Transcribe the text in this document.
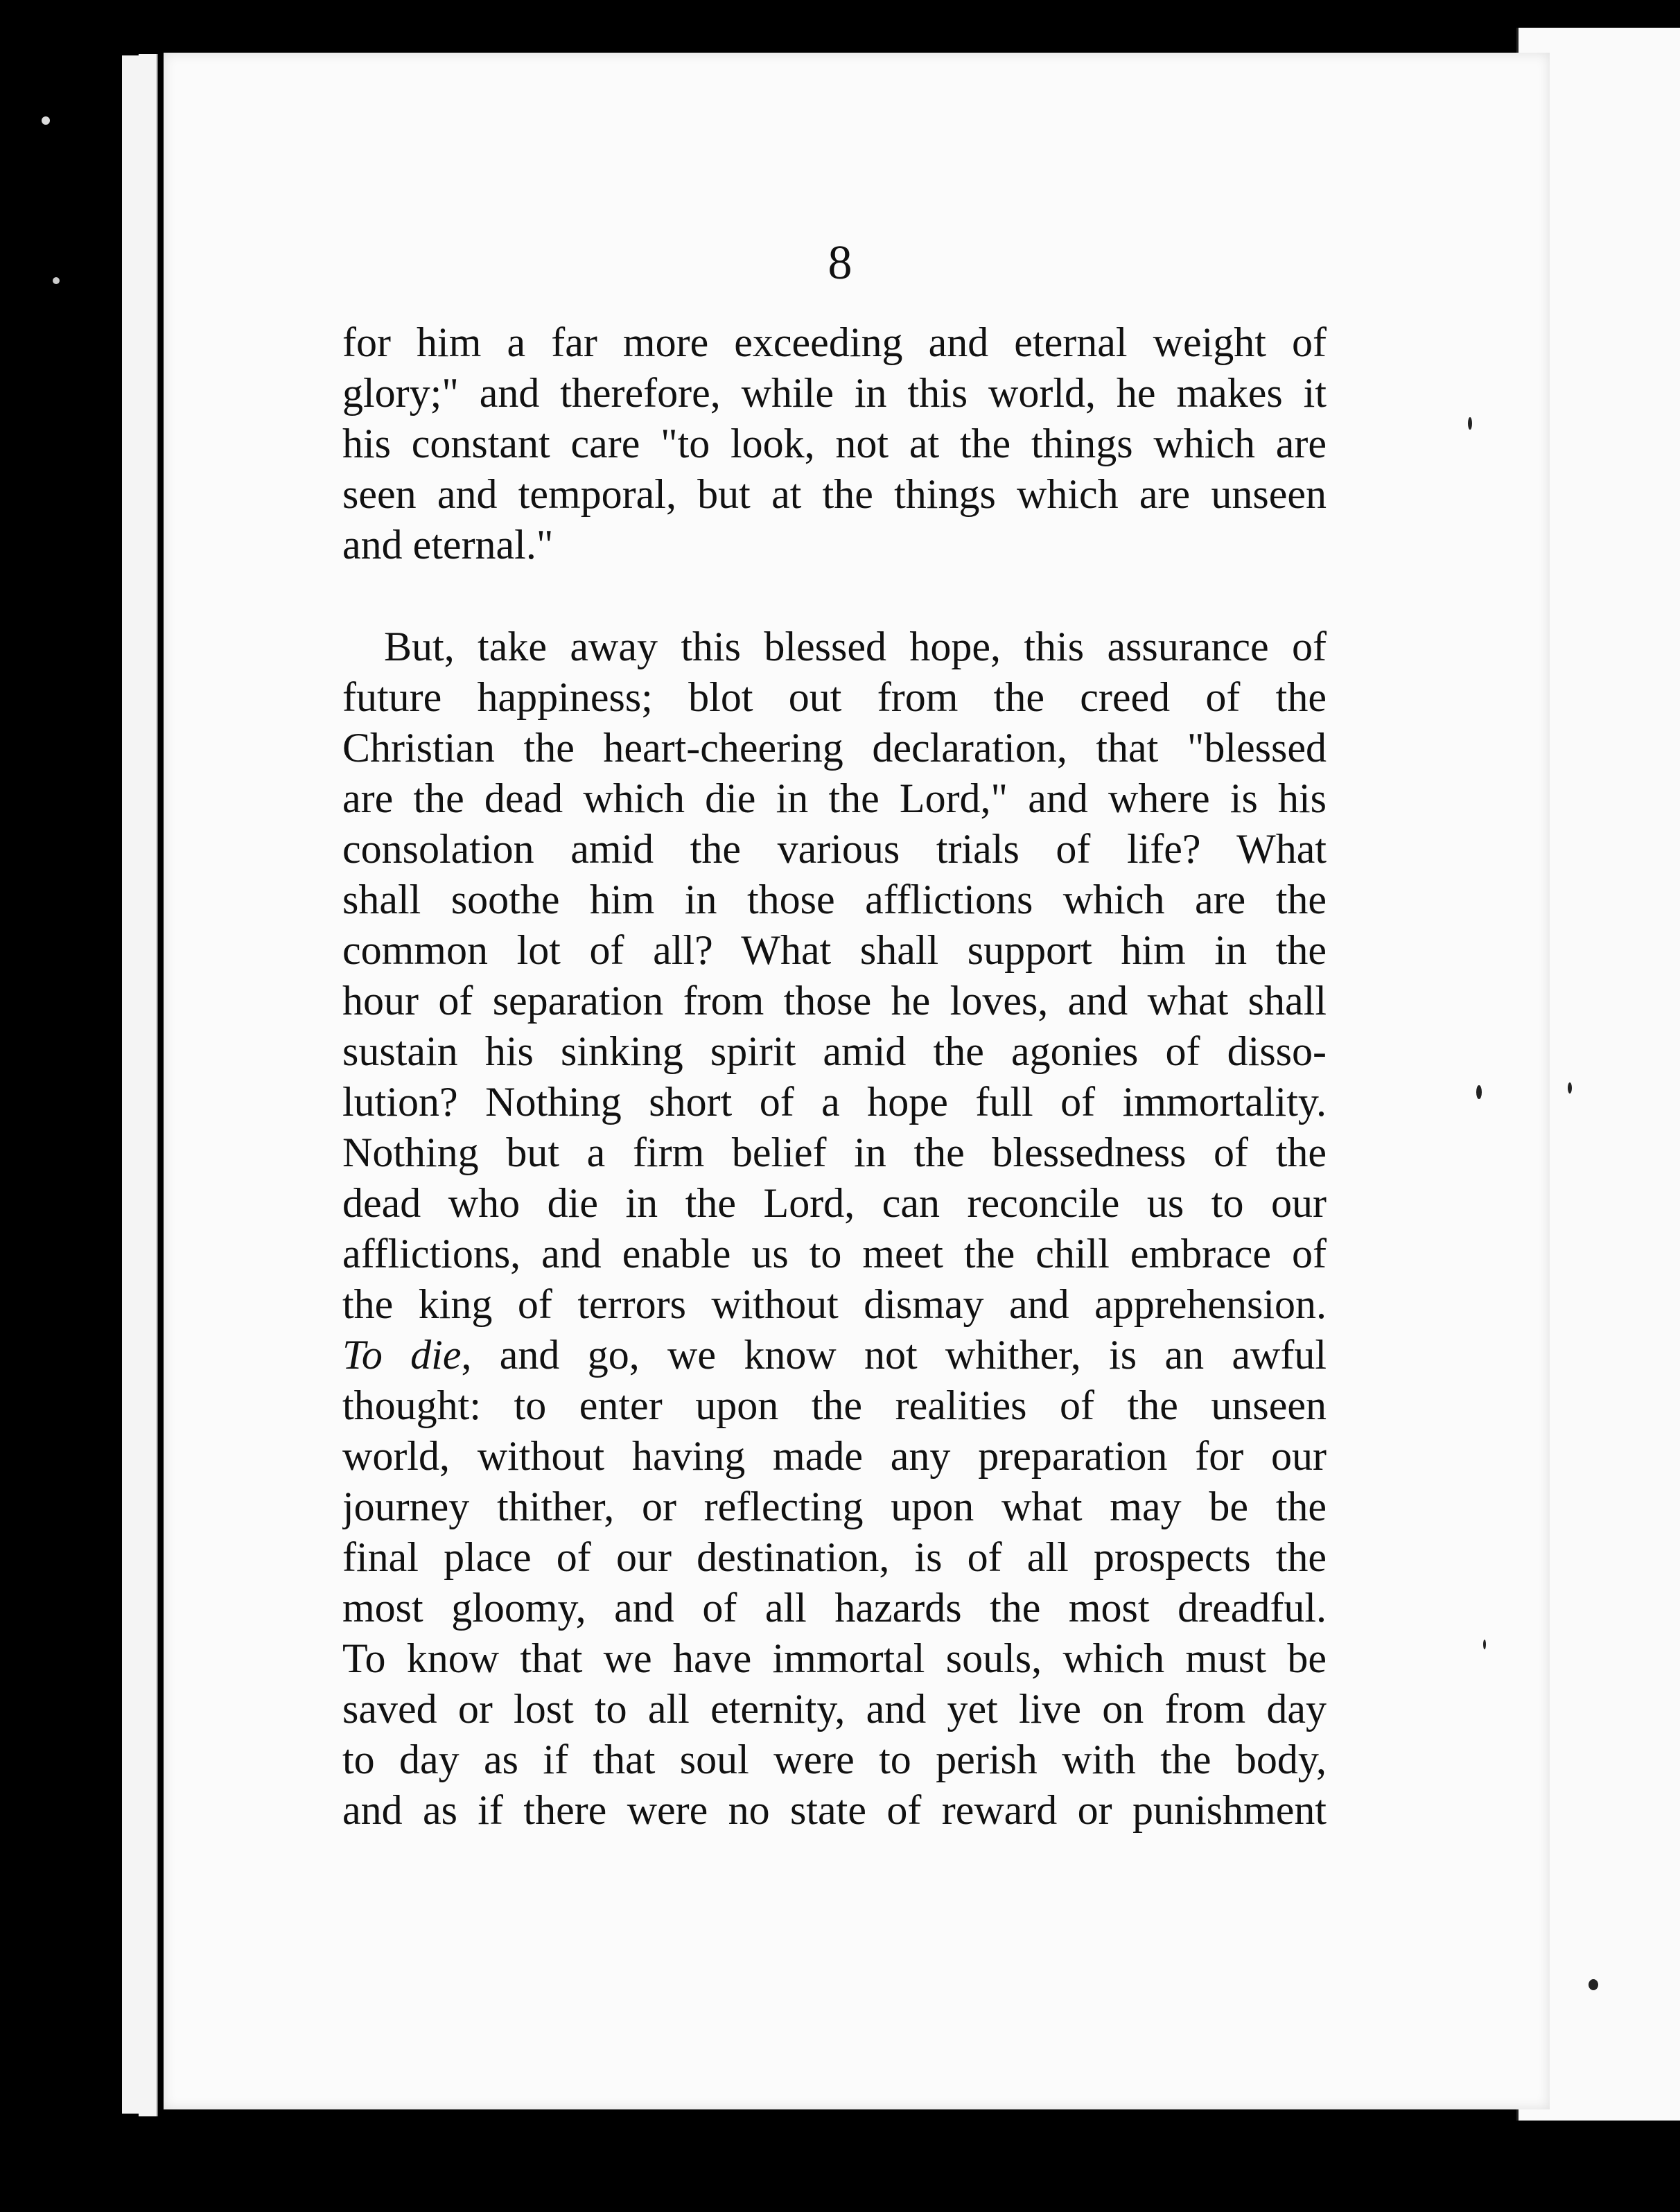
8
for him a far more exceeding and eternal weight of
glory;" and therefore, while in this world, he makes it
his constant care "to look, not at the things which are
seen and temporal, but at the things which are unseen
and eternal."
But, take away this blessed hope, this assurance of
future happiness; blot out from the creed of the
Christian the heart-cheering declaration, that "blessed
are the dead which die in the Lord," and where is his
consolation amid the various trials of life? What
shall soothe him in those afflictions which are the
common lot of all? What shall support him in the
hour of separation from those he loves, and what shall
sustain his sinking spirit amid the agonies of disso-
lution? Nothing short of a hope full of immortality.
Nothing but a firm belief in the blessedness of the
dead who die in the Lord, can reconcile us to our
afflictions, and enable us to meet the chill embrace of
the king of terrors without dismay and apprehension.
To die, and go, we know not whither, is an awful
thought: to enter upon the realities of the unseen
world, without having made any preparation for our
journey thither, or reflecting upon what may be the
final place of our destination, is of all prospects the
most gloomy, and of all hazards the most dreadful.
To know that we have immortal souls, which must be
saved or lost to all eternity, and yet live on from day
to day as if that soul were to perish with the body,
and as if there were no state of reward or punishment
